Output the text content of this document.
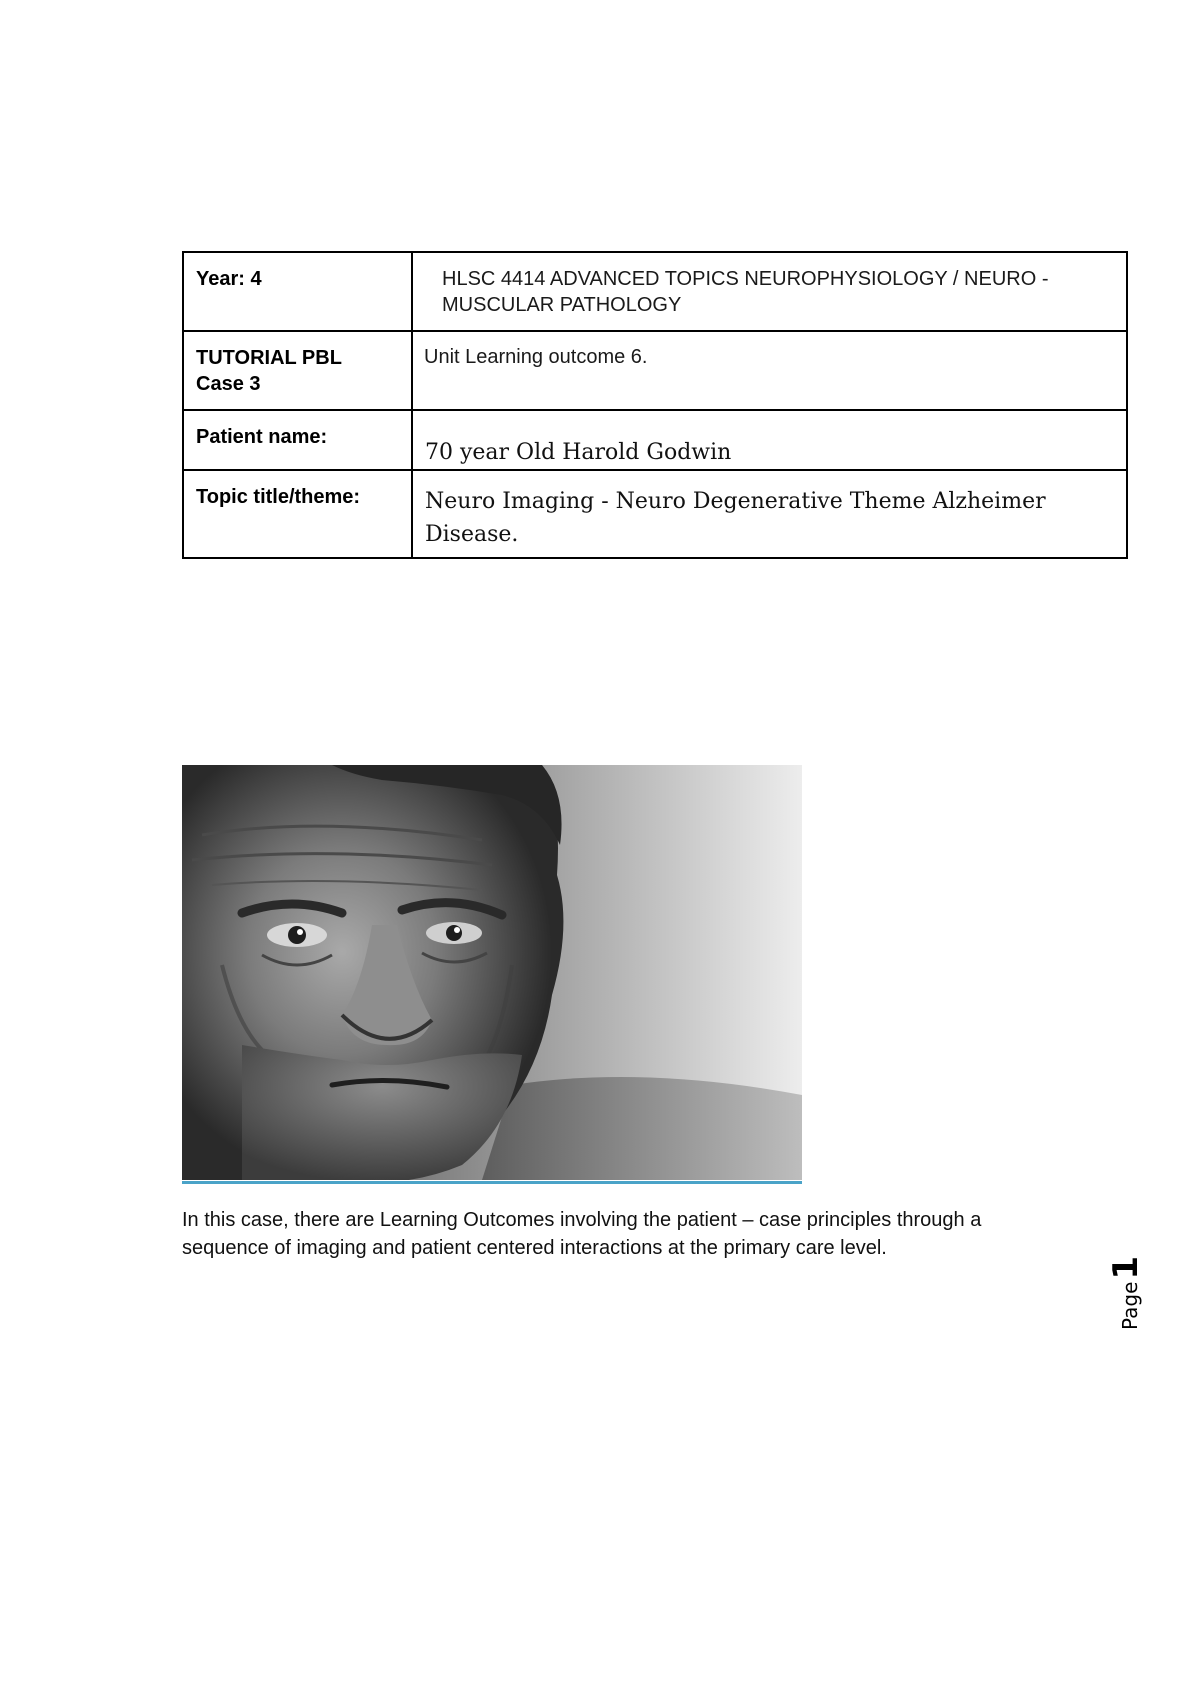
Year: 4	HLSC 4414 ADVANCED TOPICS NEUROPHYSIOLOGY / NEURO - MUSCULAR PATHOLOGY

TUTORIAL PBL
Case 3	Unit Learning outcome 6.

Patient name:	70 year Old Harold Godwin

Topic title/theme:	Neuro Imaging - Neuro Degenerative Theme Alzheimer Disease.
In this case, there are Learning Outcomes involving the patient – case principles through a sequence of imaging and patient centered interactions at the primary care level.
Page1
